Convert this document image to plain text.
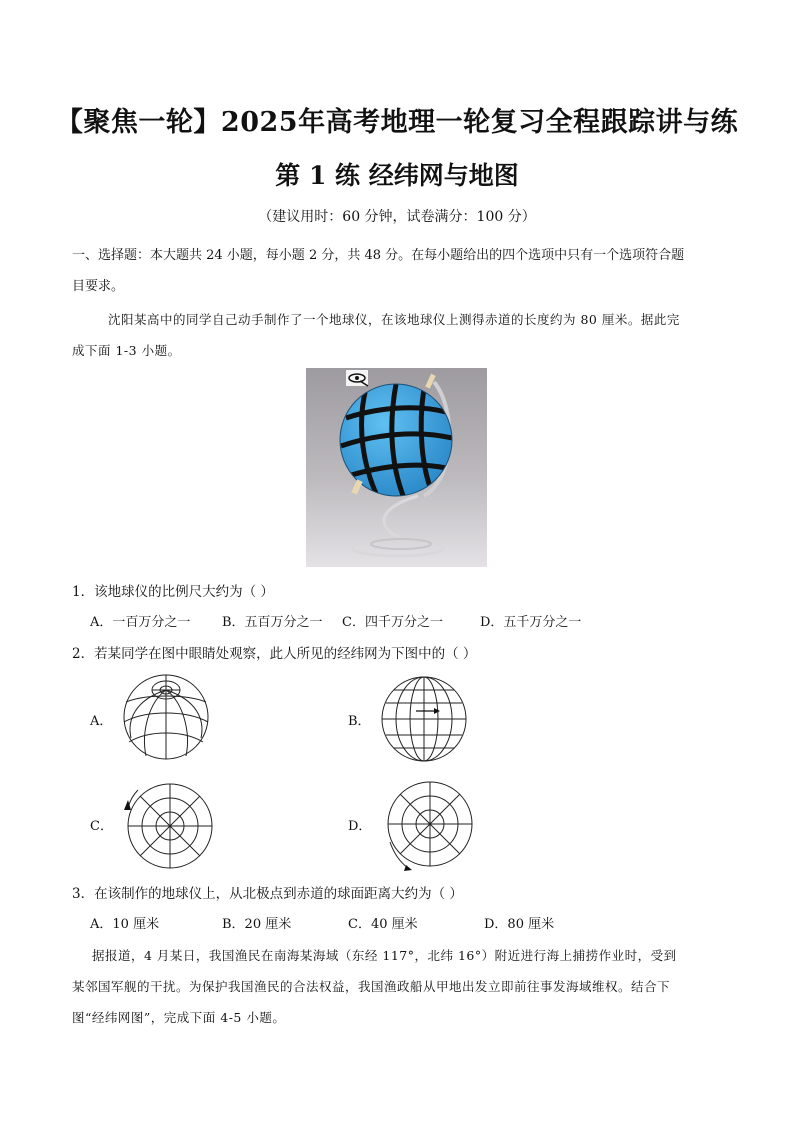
【聚焦一轮】2025年高考地理一轮复习全程跟踪讲与练
第 1 练 经纬网与地图
（建议用时：60 分钟，试卷满分：100 分）
一、选择题：本大题共 24 小题，每小题 2 分，共 48 分。在每小题给出的四个选项中只有一个选项符合题
目要求。
沈阳某高中的同学自己动手制作了一个地球仪，在该地球仪上测得赤道的长度约为 80 厘米。据此完
成下面 1-3 小题。
1．该地球仪的比例尺大约为（ ）
A．一百万分之一 B．五百万分之一 C．四千万分之一	D．五千万分之一
2．若某同学在图中眼睛处观察，此人所见的经纬网为下图中的（ ）
A．	B．
C．	D．
3．在该制作的地球仪上，从北极点到赤道的球面距离大约为（ ）
A．10 厘米	B．20 厘米	C．40 厘米	D．80 厘米
据报道，4 月某日，我国渔民在南海某海域（东经 117°，北纬 16°）附近进行海上捕捞作业时，受到
某邻国军舰的干扰。为保护我国渔民的合法权益，我国渔政船从甲地出发立即前往事发海域维权。结合下
图“经纬网图”，完成下面 4-5 小题。
